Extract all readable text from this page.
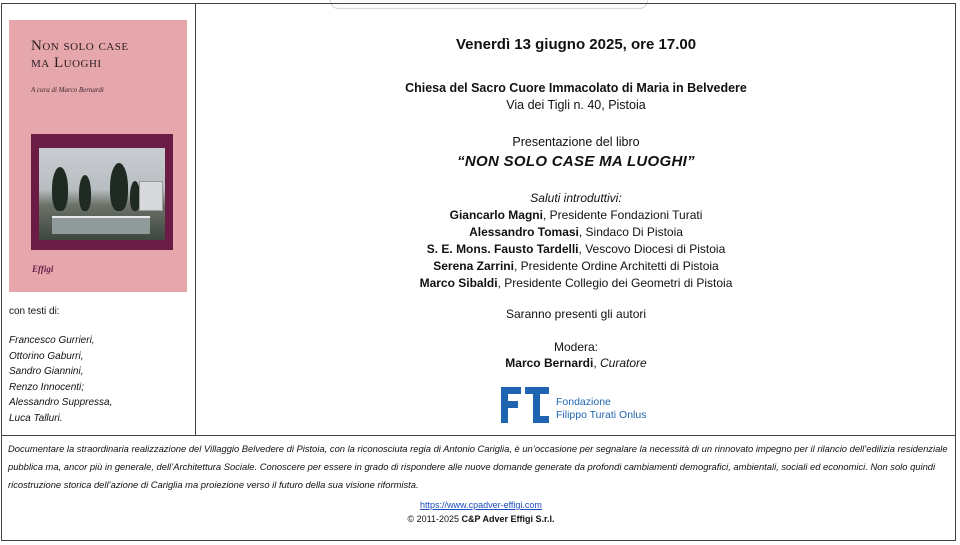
Non solo case
ma Luoghi
A cura di Marco Bernardi
Effigi
con testi di:
Francesco Gurrieri,
Ottorino Gaburri,
Sandro Giannini,
Renzo Innocenti;
Alessandro Suppressa,
Luca Talluri.
Venerdì 13 giugno 2025, ore 17.00
Chiesa del Sacro Cuore Immacolato di Maria in Belvedere
Via dei Tigli n. 40, Pistoia
Presentazione del libro
“NON SOLO CASE MA LUOGHI”
Saluti introduttivi:
Giancarlo Magni, Presidente Fondazioni Turati
Alessandro Tomasi, Sindaco Di Pistoia
S. E. Mons. Fausto Tardelli, Vescovo Diocesi di Pistoia
Serena Zarrini, Presidente Ordine Architetti di Pistoia
Marco Sibaldi, Presidente Collegio dei Geometri di Pistoia
Saranno presenti gli autori
Modera:
Marco Bernardi, Curatore
Fondazione
Filippo Turati Onlus
Documentare la straordinaria realizzazione del Villaggio Belvedere di Pistoia, con la riconosciuta regia di Antonio Cariglia, è un’occasione per segnalare la necessità di un rinnovato impegno per il rilancio dell’edilizia residenziale pubblica ma, ancor più in generale, dell’Architettura Sociale. Conoscere per essere in grado di rispondere alle nuove domande generate da profondi cambiamenti demografici, ambientali, sociali ed economici. Non solo quindi ricostruzione storica dell’azione di Cariglia ma proiezione verso il futuro della sua visione riformista.
https://www.cpadver-effigi.com
© 2011-2025 C&P Adver Effigi S.r.l.
